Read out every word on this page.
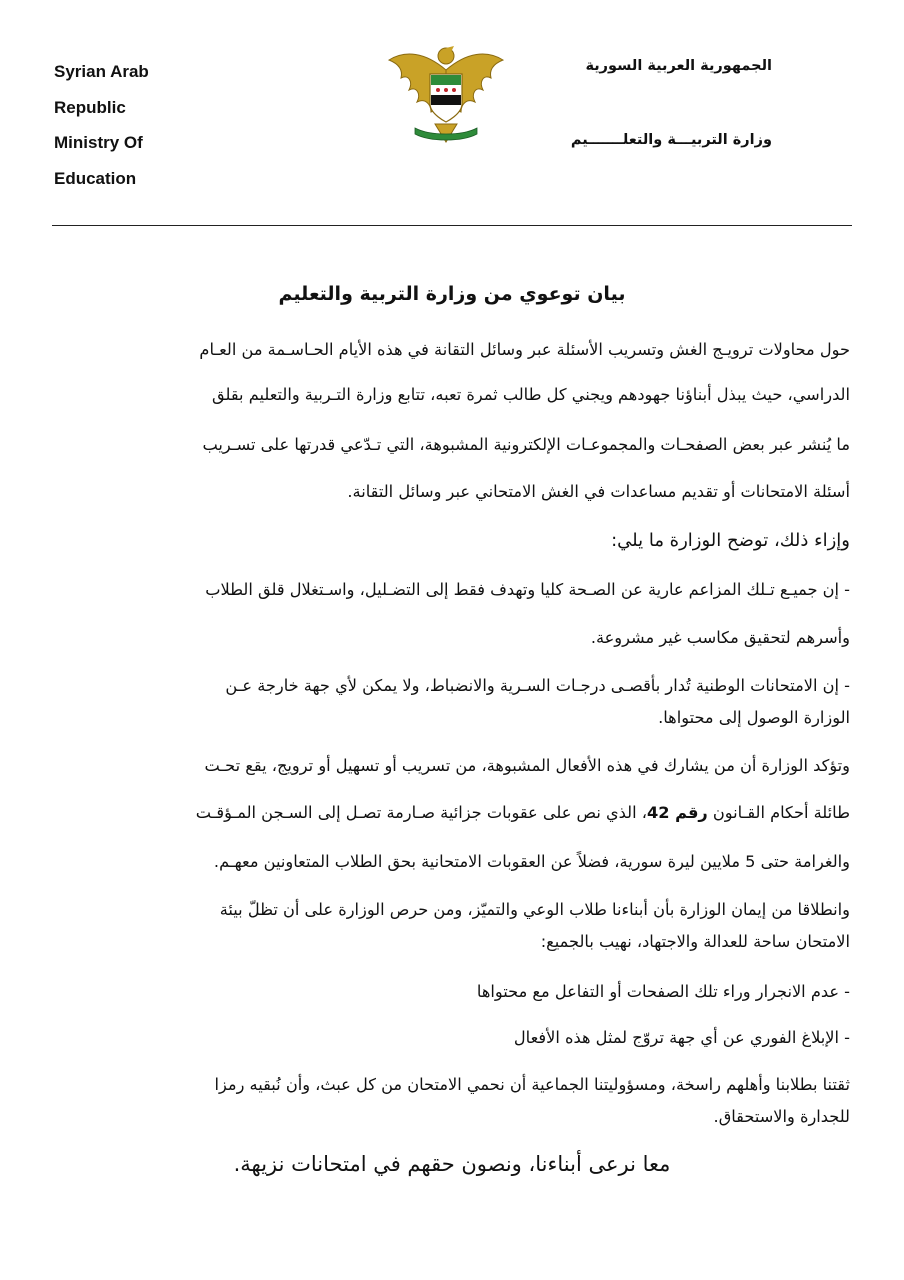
Syrian Arab
Republic
Ministry Of
Education
الجمهورية العربية السورية
وزارة التربيـــة والتعلـــــــيم
بيان توعوي من وزارة التربية والتعليم
حول محاولات ترويـج الغش وتسريب الأسئلة عبر وسائل التقانة في هذه الأيام الحـاسـمة من العـام
الدراسي، حيث يبذل أبناؤنا جهودهم ويجني كل طالب ثمرة تعبه، تتابع وزارة التـربية والتعليم بقلق
ما يُنشر عبر بعض الصفحـات والمجموعـات الإلكترونية المشبوهة، التي تـدّعي قدرتها على تسـريب
أسئلة الامتحانات أو تقديم مساعدات في الغش الامتحاني عبر وسائل التقانة.
وإزاء ذلك، توضح الوزارة ما يلي:
- إن جميـع تـلك المزاعم عارية عن الصـحة كليا وتهدف فقط إلى التضـليل، واسـتغلال قلق الطلاب
وأسرهم لتحقيق مكاسب غير مشروعة.
- إن الامتحانات الوطنية تُدار بأقصـى درجـات السـرية والانضباط، ولا يمكن لأي جهة خارجة عـن
الوزارة الوصول إلى محتواها.
وتؤكد الوزارة أن من يشارك في هذه الأفعال المشبوهة، من تسريب أو تسهيل أو ترويج، يقع تحـت
طائلة أحكام القـانون رقم 42، الذي نص على عقوبات جزائية صـارمة تصـل إلى السـجن المـؤقـت
والغرامة حتى 5 ملايين ليرة سورية، فضلاً عن العقوبات الامتحانية بحق الطلاب المتعاونين معهـم.
وانطلاقا من إيمان الوزارة بأن أبناءنا طلاب الوعي والتميّز، ومن حرص الوزارة على أن تظلّ بيئة
الامتحان ساحة للعدالة والاجتهاد، نهيب بالجميع:
- عدم الانجرار وراء تلك الصفحات أو التفاعل مع محتواها
- الإبلاغ الفوري عن أي جهة تروّج لمثل هذه الأفعال
ثقتنا بطلابنا وأهلهم راسخة، ومسؤوليتنا الجماعية أن نحمي الامتحان من كل عبث، وأن نُبقيه رمزا
للجدارة والاستحقاق.
معا نرعى أبناءنا، ونصون حقهم في امتحانات نزيهة.
